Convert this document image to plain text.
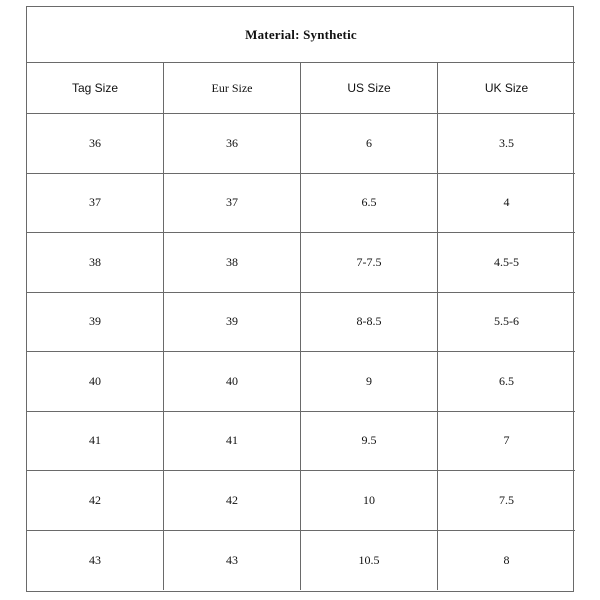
Material: Synthetic
Tag Size	Eur Size	US Size	UK Size
36	36	6	3.5
37	37	6.5	4
38	38	7-7.5	4.5-5
39	39	8-8.5	5.5-6
40	40	9	6.5
41	41	9.5	7
42	42	10	7.5
43	43	10.5	8
